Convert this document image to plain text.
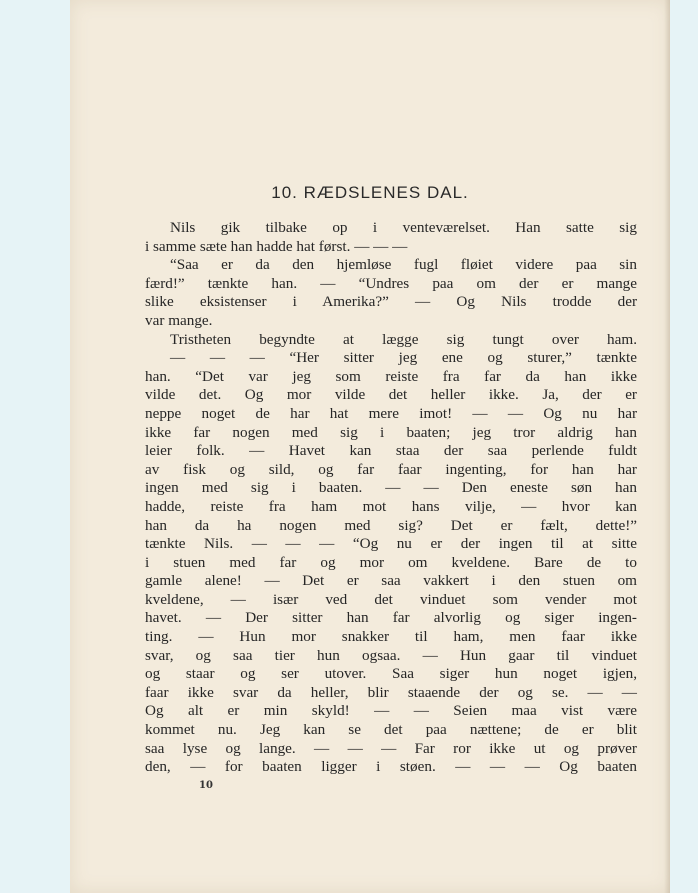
10. RÆDSLENES DAL.
Nils gik tilbake op i venteværelset. Han satte sig
i samme sæte han hadde hat først. — — —
“Saa er da den hjemløse fugl fløiet videre paa sin
færd!” tænkte han. — “Undres paa om der er mange
slike eksistenser i Amerika?” — Og Nils trodde der
var mange.
Tristheten begyndte at lægge sig tungt over ham.
— — — “Her sitter jeg ene og sturer,” tænkte
han. “Det var jeg som reiste fra far da han ikke
vilde det. Og mor vilde det heller ikke. Ja, der er
neppe noget de har hat mere imot! — — Og nu har
ikke far nogen med sig i baaten; jeg tror aldrig han
leier folk. — Havet kan staa der saa perlende fuldt
av fisk og sild, og far faar ingenting, for han har
ingen med sig i baaten. — — Den eneste søn han
hadde, reiste fra ham mot hans vilje, — hvor kan
han da ha nogen med sig? Det er fælt, dette!”
tænkte Nils. — — — “Og nu er der ingen til at sitte
i stuen med far og mor om kveldene. Bare de to
gamle alene! — Det er saa vakkert i den stuen om
kveldene, — især ved det vinduet som vender mot
havet. — Der sitter han far alvorlig og siger ingen-
ting. — Hun mor snakker til ham, men faar ikke
svar, og saa tier hun ogsaa. — Hun gaar til vinduet
og staar og ser utover. Saa siger hun noget igjen,
faar ikke svar da heller, blir staaende der og se. — —
Og alt er min skyld! — — Seien maa vist være
kommet nu. Jeg kan se det paa nættene; de er blit
saa lyse og lange. — — — Far ror ikke ut og prøver
den, — for baaten ligger i støen. — — — Og baaten
10
